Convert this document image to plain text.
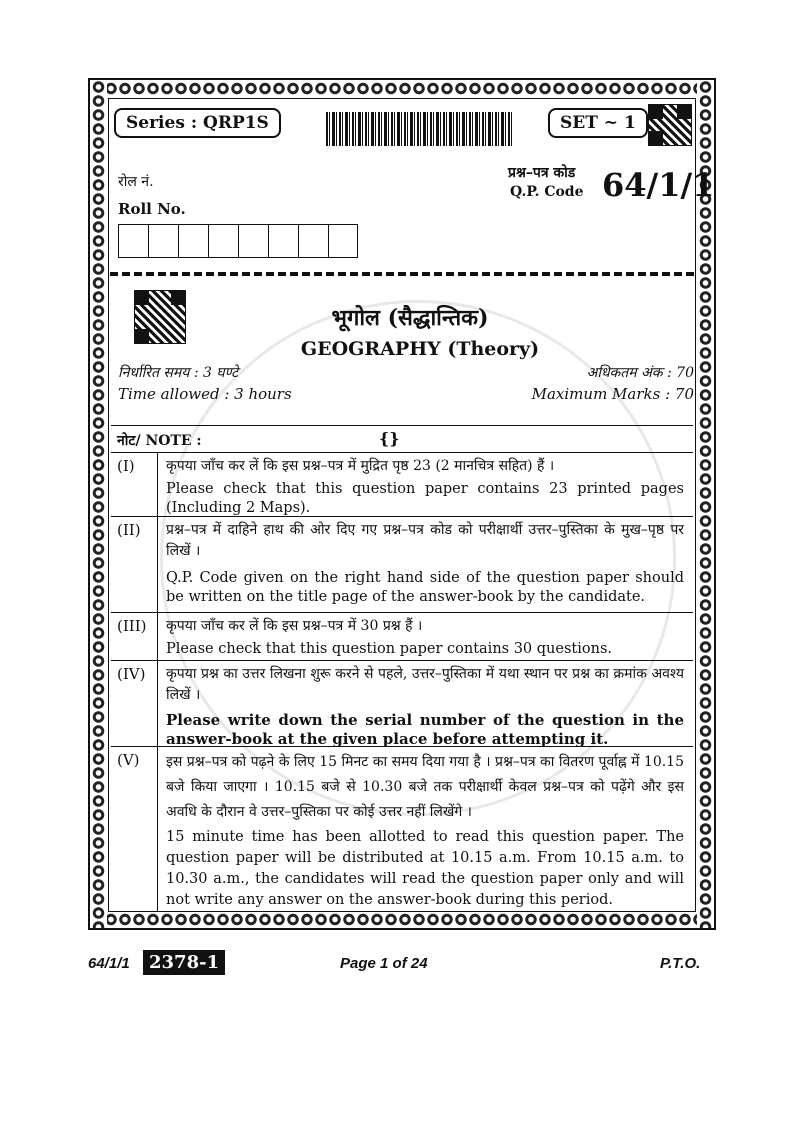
Series : QRP1S	SET ~ 1
रोल नं.
Roll No.
प्रश्न–पत्र कोड
Q.P. Code 64/1/1
भूगोल (सैद्धान्तिक)
GEOGRAPHY (Theory)
निर्धारित समय : 3 घण्टे
Time allowed : 3 hours
अधिकतम अंक : 70
Maximum Marks : 70
नोट/ NOTE :	{}
(I)	कृपया जाँच कर लें कि इस प्रश्न–पत्र में मुद्रित पृष्ठ 23 (2 मानचित्र सहित) हैं ।
Please check that this question paper contains 23 printed pages (Including 2 Maps).
(II)	प्रश्न–पत्र में दाहिने हाथ की ओर दिए गए प्रश्न–पत्र कोड को परीक्षार्थी उत्तर–पुस्तिका के मुख–पृष्ठ पर लिखें ।
Q.P. Code given on the right hand side of the question paper should be written on the title page of the answer-book by the candidate.
(III)	कृपया जाँच कर लें कि इस प्रश्न–पत्र में 30 प्रश्न हैं ।
Please check that this question paper contains 30 questions.
(IV)	कृपया प्रश्न का उत्तर लिखना शुरू करने से पहले, उत्तर–पुस्तिका में यथा स्थान पर प्रश्न का क्रमांक अवश्य लिखें ।
Please write down the serial number of the question in the answer-book at the given place before attempting it.
(V)	इस प्रश्न–पत्र को पढ़ने के लिए 15 मिनट का समय दिया गया है । प्रश्न–पत्र का वितरण पूर्वाह्न में 10.15 बजे किया जाएगा । 10.15 बजे से 10.30 बजे तक परीक्षार्थी केवल प्रश्न–पत्र को पढ़ेंगे और इस अवधि के दौरान वे उत्तर–पुस्तिका पर कोई उत्तर नहीं लिखेंगे ।
15 minute time has been allotted to read this question paper. The question paper will be distributed at 10.15 a.m. From 10.15 a.m. to 10.30 a.m., the candidates will read the question paper only and will not write any answer on the answer-book during this period.
64/1/1	2378-1	Page 1 of 24	P.T.O.
